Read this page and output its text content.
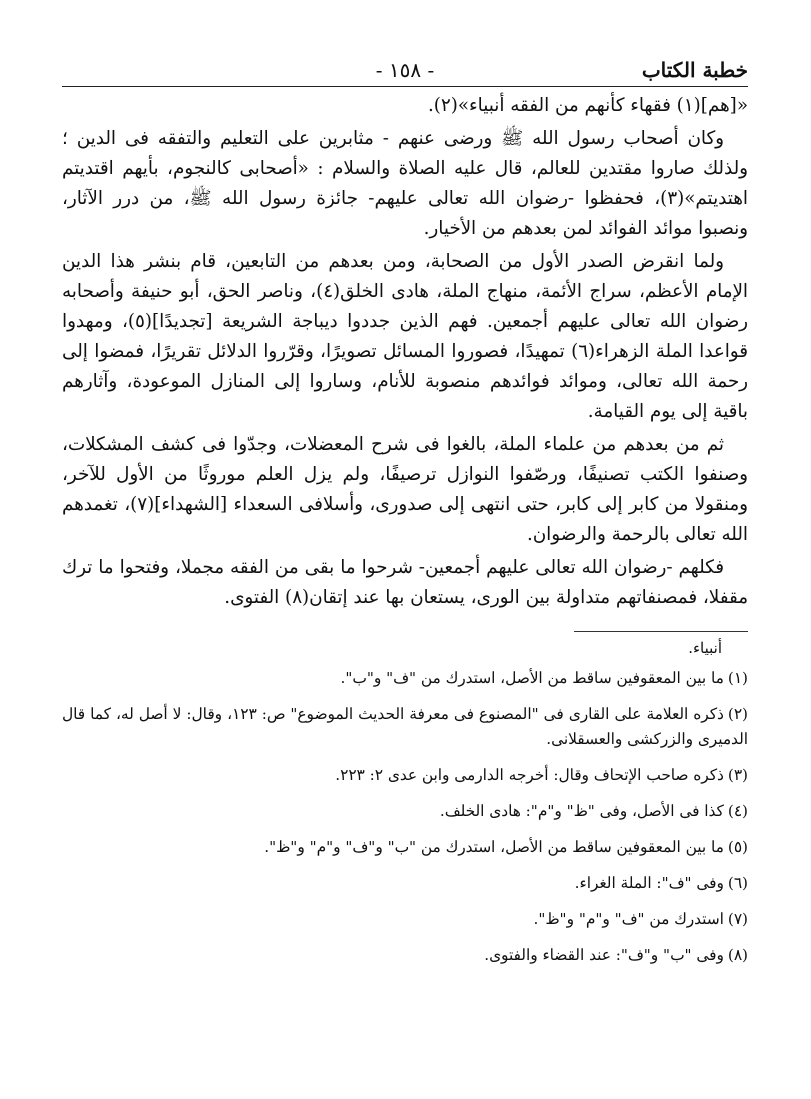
خطبة الكتاب
- ١٥٨ -

«[هم](١) فقهاء كأنهم من الفقه أنبياء»(٢).

وكان أصحاب رسول الله ﷺ ورضى عنهم - مثابرين على التعليم والتفقه فى الدين ؛ ولذلك صاروا مقتدين للعالم، قال عليه الصلاة والسلام : «أصحابى كالنجوم، بأيهم اقتديتم اهتديتم»(٣)، فحفظوا -رضوان الله تعالى عليهم- جائزة رسول الله ﷺ، من درر الآثار، ونصبوا موائد الفوائد لمن بعدهم من الأخيار.

ولما انقرض الصدر الأول من الصحابة، ومن بعدهم من التابعين، قام بنشر هذا الدين الإمام الأعظم، سراج الأئمة، منهاج الملة، هادى الخلق(٤)، وناصر الحق، أبو حنيفة وأصحابه رضوان الله تعالى عليهم أجمعين. فهم الذين جددوا ديباجة الشريعة [تجديدًا](٥)، ومهدوا قواعدا الملة الزهراء(٦) تمهيدًا، فصوروا المسائل تصويرًا، وقرّروا الدلائل تقريرًا، فمضوا إلى رحمة الله تعالى، وموائد فوائدهم منصوبة للأنام، وساروا إلى المنازل الموعودة، وآثارهم باقية إلى يوم القيامة.

ثم من بعدهم من علماء الملة، بالغوا فى شرح المعضلات، وجدّوا فى كشف المشكلات، وصنفوا الكتب تصنيفًا، ورصّفوا النوازل ترصيفًا، ولم يزل العلم موروثًا من الأول للآخر، ومنقولا من كابر إلى كابر، حتى انتهى إلى صدورى، وأسلافى السعداء [الشهداء](٧)، تغمدهم الله تعالى بالرحمة والرضوان.

فكلهم -رضوان الله تعالى عليهم أجمعين- شرحوا ما بقى من الفقه مجملا، وفتحوا ما ترك مقفلا، فمصنفاتهم متداولة بين الورى، يستعان بها عند إتقان(٨) الفتوى.

أنبياء.
(١)ما بين المعقوفين ساقط من الأصل، استدرك من "ف" و"ب".
(٢)ذكره العلامة على القارى فى "المصنوع فى معرفة الحديث الموضوع" ص: ١٢٣، وقال: لا أصل له، كما قال الدميرى والزركشى والعسقلانى.
(٣)ذكره صاحب الإتحاف وقال: أخرجه الدارمى وابن عدى ٢: ٢٢٣.
(٤)كذا فى الأصل، وفى "ظ" و"م": هادى الخلف.
(٥)ما بين المعقوفين ساقط من الأصل، استدرك من "ب" و"ف" و"م" و"ظ".
(٦)وفى "ف": الملة الغراء.
(٧)استدرك من "ف" و"م" و"ظ".
(٨)وفى "ب" و"ف": عند القضاء والفتوى.
